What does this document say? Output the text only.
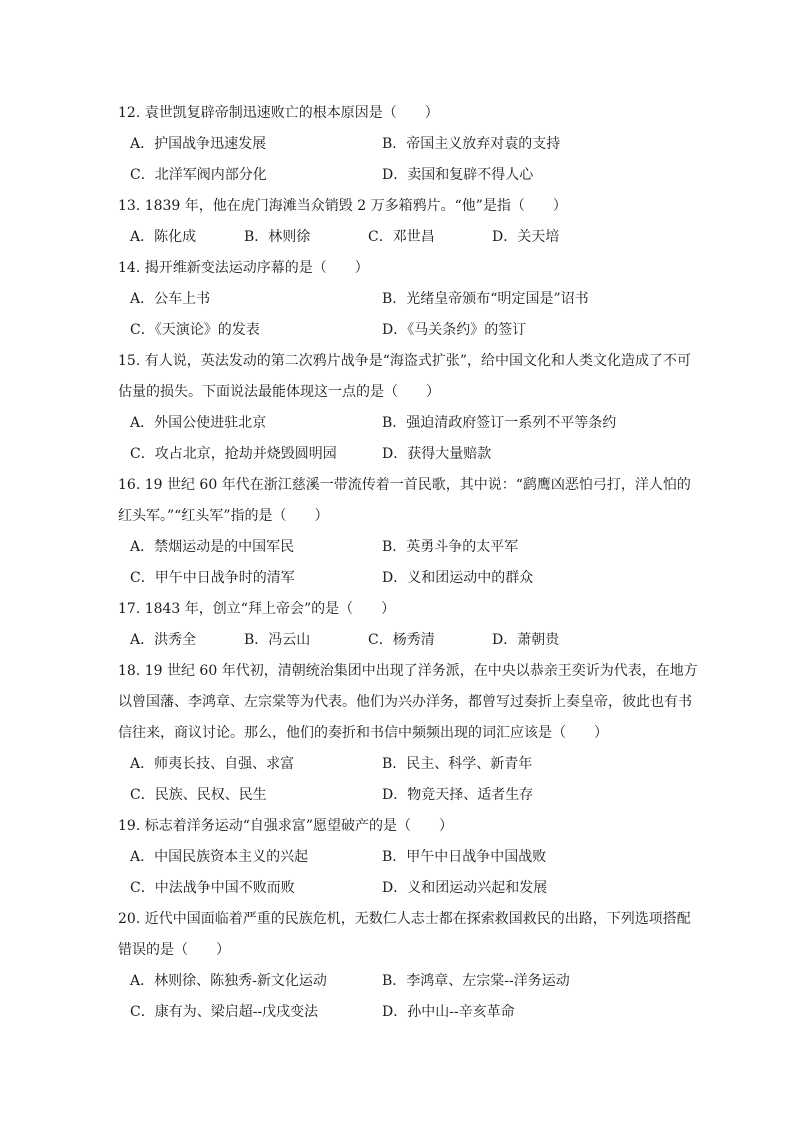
12. 袁世凯复辟帝制迅速败亡的根本原因是（　　）

A．护国战争迅速发展	B．帝国主义放弃对袁的支持
C．北洋军阀内部分化	D．卖国和复辟不得人心

13. 1839 年，他在虎门海滩当众销毁 2 万多箱鸦片。“他”是指（　　）

A．陈化成	B．林则徐	C．邓世昌	D．关天培

14. 揭开维新变法运动序幕的是（　　）

A．公车上书	B．光绪皇帝颁布“明定国是”诏书
C．《天演论》的发表	D．《马关条约》的签订

15. 有人说，英法发动的第二次鸦片战争是“海盗式扩张”，给中国文化和人类文化造成了不可估量的损失。下面说法最能体现这一点的是（　　）

A．外国公使进驻北京	B．强迫清政府签订一系列不平等条约
C．攻占北京，抢劫并烧毁圆明园	D．获得大量赔款

16. 19 世纪 60 年代在浙江慈溪一带流传着一首民歌，其中说：“鹞鹰凶恶怕弓打，洋人怕的红头军。”“红头军”指的是（　　）

A．禁烟运动是的中国军民	B．英勇斗争的太平军
C．甲午中日战争时的清军	D．义和团运动中的群众

17. 1843 年，创立“拜上帝会”的是（　　）

A．洪秀全	B．冯云山	C．杨秀清	D．萧朝贵

18. 19 世纪 60 年代初，清朝统治集团中出现了洋务派，在中央以恭亲王奕䜣为代表，在地方以曾国藩、李鸿章、左宗棠等为代表。他们为兴办洋务，都曾写过奏折上奏皇帝，彼此也有书信往来，商议讨论。那么，他们的奏折和书信中频频出现的词汇应该是（　　）

A．师夷长技、自强、求富	B．民主、科学、新青年
C．民族、民权、民生	D．物竞天择、适者生存

19. 标志着洋务运动“自强求富”愿望破产的是（　　）

A．中国民族资本主义的兴起	B．甲午中日战争中国战败
C．中法战争中国不败而败	D．义和团运动兴起和发展

20. 近代中国面临着严重的民族危机，无数仁人志士都在探索救国救民的出路，下列选项搭配错误的是（　　）

A．林则徐、陈独秀-新文化运动	B．李鸿章、左宗棠--洋务运动
C．康有为、梁启超--戊戌变法	D．孙中山--辛亥革命
